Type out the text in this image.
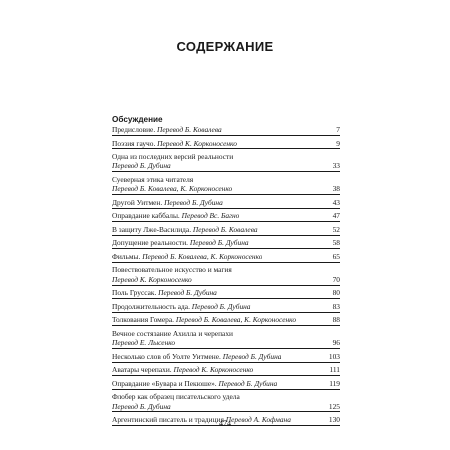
СОДЕРЖАНИЕ
Обсуждение
Предисловие. Перевод Б. Ковалева	7
Поэзия гаучо. Перевод К. Корконосенко	9
Одна из последних версий реальности
Перевод Б. Дубина	33
Суеверная этика читателя
Перевод Б. Ковалева, К. Корконосенко	38
Другой Уитмен. Перевод Б. Дубина	43
Оправдание каббалы. Перевод Вс. Багно	47
В защиту Лже-Василида. Перевод Б. Ковалева	52
Допущение реальности. Перевод Б. Дубина	58
Фильмы. Перевод Б. Ковалева, К. Корконосенко	65
Повествовательное искусство и магия
Перевод К. Корконосенко	70
Поль Груссак. Перевод Б. Дубина	80
Продолжительность ада. Перевод Б. Дубина	83
Толкования Гомера. Перевод Б. Ковалева, К. Корконосенко	88
Вечное состязание Ахилла и черепахи
Перевод Е. Лысенко	96
Несколько слов об Уолте Уитмене. Перевод Б. Дубина	103
Аватары черепахи. Перевод К. Корконосенко	111
Оправдание «Бувара и Пекюше». Перевод Б. Дубина	119
Флобер как образец писательского удела
Перевод Б. Дубина	125
Аргентинский писатель и традиция Перевод А. Кофмана	130
474
